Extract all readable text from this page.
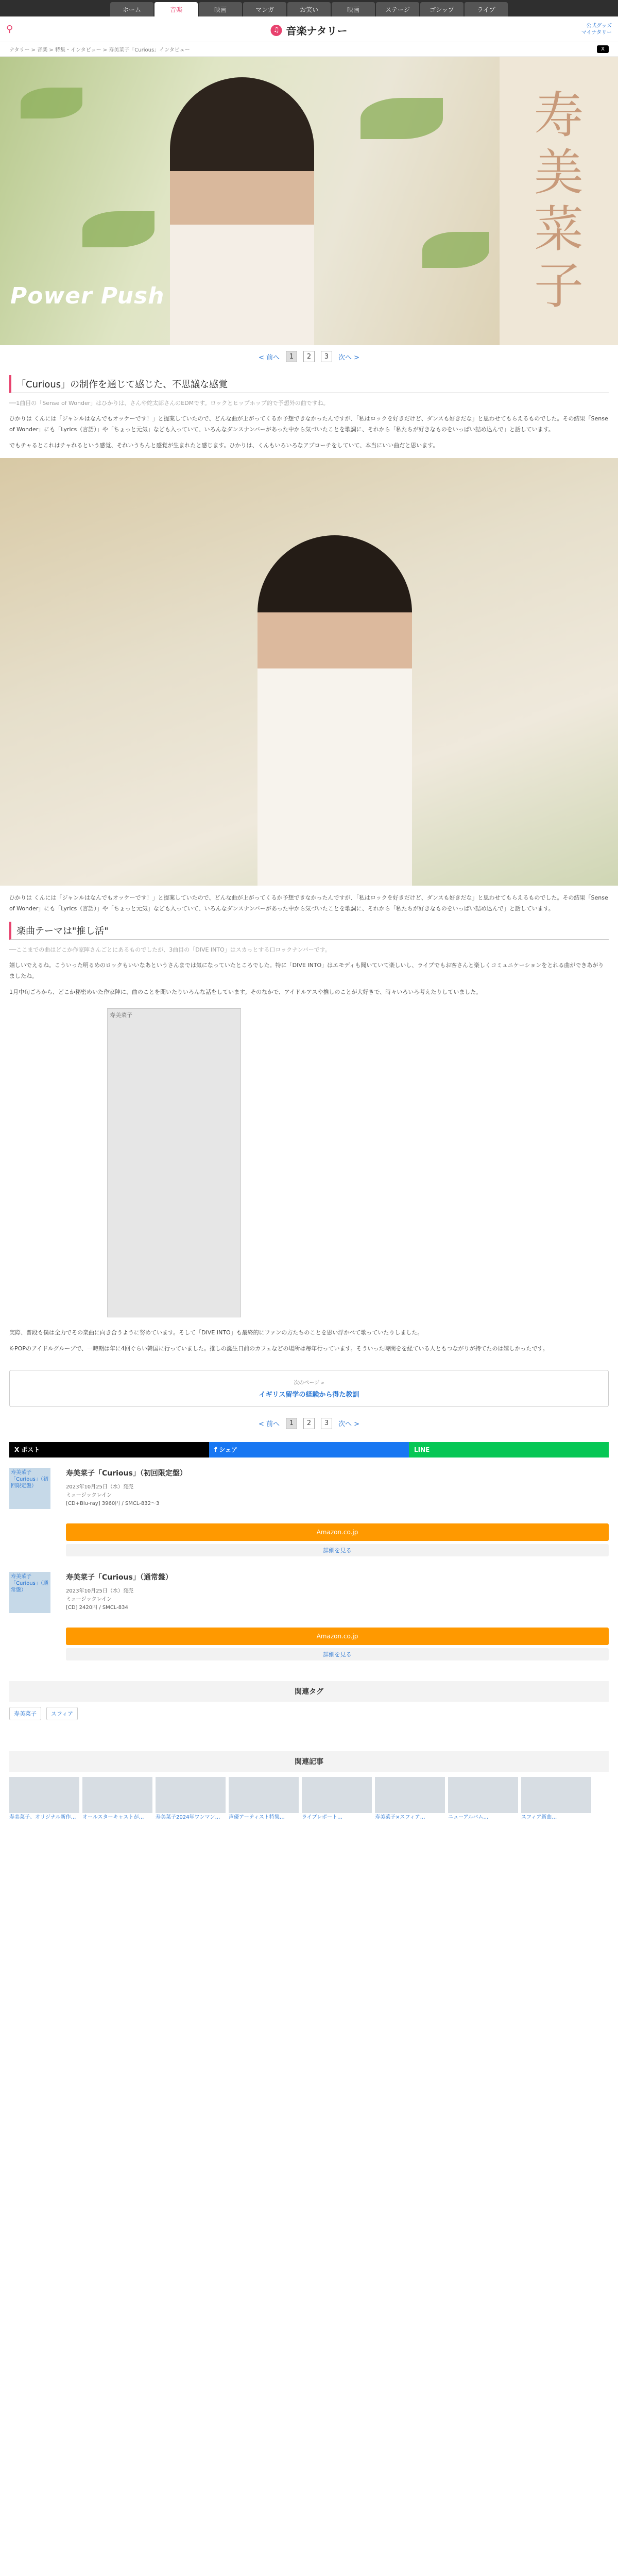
ホーム	音楽	映画	マンガ	お笑い	映画	ステージ	ゴシップ	ライブ
⚲	♫ 音楽ナタリー	公式グッズ
マイナタリー
ナタリー > 音楽 > 特集・インタビュー > 寿美菜子「Curious」インタビュー	X
Power Push
寿
美
菜
子
< 前へ	1	2	3	次へ >
「Curious」の制作を通じて感じた、不思議な感覚

──1曲目の「Sense of Wonder」はひかりは、さんや蛇太郎さんのEDMです。ロックとヒップホップ的で予想外の曲ですね。

ひかりは くんには「ジャンルはなんでもオッケーです！」と提案していたので、どんな曲が上がってくるか予想できなかったんですが、「私はロックを好きだけど、ダンスも好きだな」と思わせてもらえるものでした。その結果「Sense of Wonder」にも「Lyrics（言語）」や「ちょっと元気」なども入っていて、いろんなダンスナンバーがあった中から気づいたことを歌詞に、それから「私たちが好きなものをいっぱい詰め込んで」と話しています。

でもチャるとこれはチャれるという感覚、それいうちんと感覚が生まれたと感じます。ひかりは、くんもいろいろなアプローチをしていて、本当にいい曲だと思います。

ひかりは くんには「ジャンルはなんでもオッケーです！」と提案していたので、どんな曲が上がってくるか予想できなかったんですが、「私はロックを好きだけど、ダンスも好きだな」と思わせてもらえるものでした。その結果「Sense of Wonder」にも「Lyrics（言語）」や「ちょっと元気」なども入っていて、いろんなダンスナンバーがあった中から気づいたことを歌詞に、それから「私たちが好きなものをいっぱい詰め込んで」と話しています。

楽曲テーマは"推し活"

──ここまでの曲はどこか作家陣さんごとにあるものでしたが、3曲目の「DIVE INTO」はスカっとする口ロックナンバーです。

嬉しいでえるね。こういった明るめのロックもいいなあというさんまでは気になっていたところでした。特に「DIVE INTO」はエモディも聞いていて楽しいし、ライブでもお客さんと楽しくコミュニケーションをとれる曲ができあがりましたね。

1月中旬ごろから、どこか秘密めいた作家陣に、曲のことを聞いたりいろんな話をしています。そのなかで、アイドルアスや推しのことが大好きで、時々いろいろ考えたりしていました。

寿美菜子

実際、普段も僕は全力でその楽曲に向き合うように努めています。そして「DIVE INTO」も最終的にファンの方たちのことを思い浮かべて歌っていたりしました。

K-POPのアイドルグループで、一時期は年に4回ぐらい韓国に行っていました。推しの誕生日前のカフェなどの場所は毎年行っています。そういった時間をを経ている人ともつながりが持てたのは嬉しかったです。

次のページ »
イギリス留学の経験から得た教訓
< 前へ	1	2	3	次へ >
X ポスト	f シェア	LINE
寿美菜子「Curious」（初回限定盤）
寿美菜子「Curious」（初回限定盤）
2023年10月25日（水）発売
ミュージックレイン
[CD+Blu-ray] 3960円 / SMCL-832〜3
Amazon.co.jp
詳細を見る
寿美菜子「Curious」（通常盤）
寿美菜子「Curious」（通常盤）
2023年10月25日（水）発売
ミュージックレイン
[CD] 2420円 / SMCL-834
Amazon.co.jp
詳細を見る
関連タグ
寿美菜子	スフィア
関連記事
寿美菜子、オリジナル新作…	オールスターキャストが…	寿美菜子2024年ワンマン…	声優アーティスト特集…	ライブレポート…	寿美菜子×スフィア…	ニューアルバム…	スフィア新曲…
